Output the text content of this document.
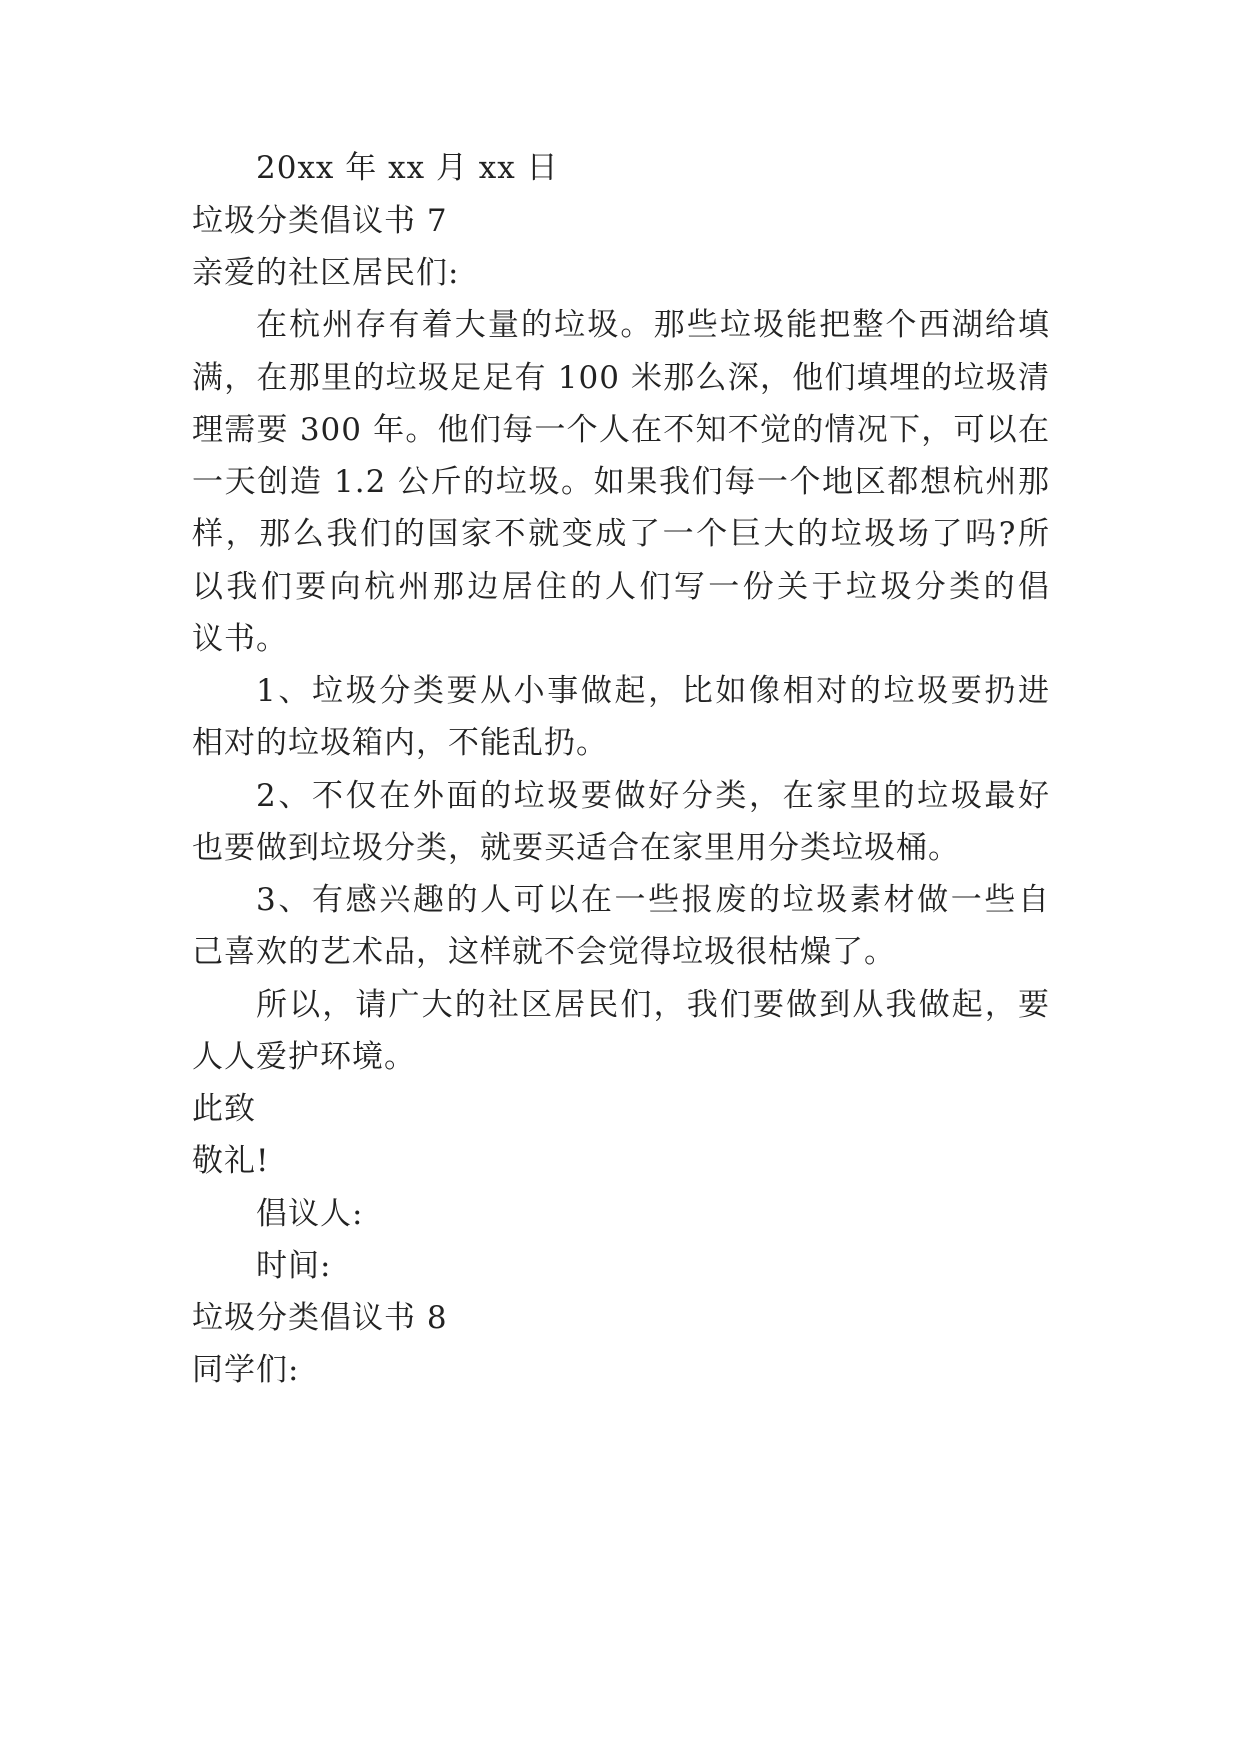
20xx 年 xx 月 xx 日
垃圾分类倡议书 7
亲爱的社区居民们:
在杭州存有着大量的垃圾。那些垃圾能把整个西湖给填
满，在那里的垃圾足足有 100 米那么深，他们填埋的垃圾清
理需要 300 年。他们每一个人在不知不觉的情况下，可以在
一天创造 1.2 公斤的垃圾。如果我们每一个地区都想杭州那
样，那么我们的国家不就变成了一个巨大的垃圾场了吗?所
以我们要向杭州那边居住的人们写一份关于垃圾分类的倡
议书。
1、垃圾分类要从小事做起，比如像相对的垃圾要扔进
相对的垃圾箱内，不能乱扔。
2、不仅在外面的垃圾要做好分类，在家里的垃圾最好
也要做到垃圾分类，就要买适合在家里用分类垃圾桶。
3、有感兴趣的人可以在一些报废的垃圾素材做一些自
己喜欢的艺术品，这样就不会觉得垃圾很枯燥了。
所以，请广大的社区居民们，我们要做到从我做起，要
人人爱护环境。
此致
敬礼!
倡议人:
时间:
垃圾分类倡议书 8
同学们:
